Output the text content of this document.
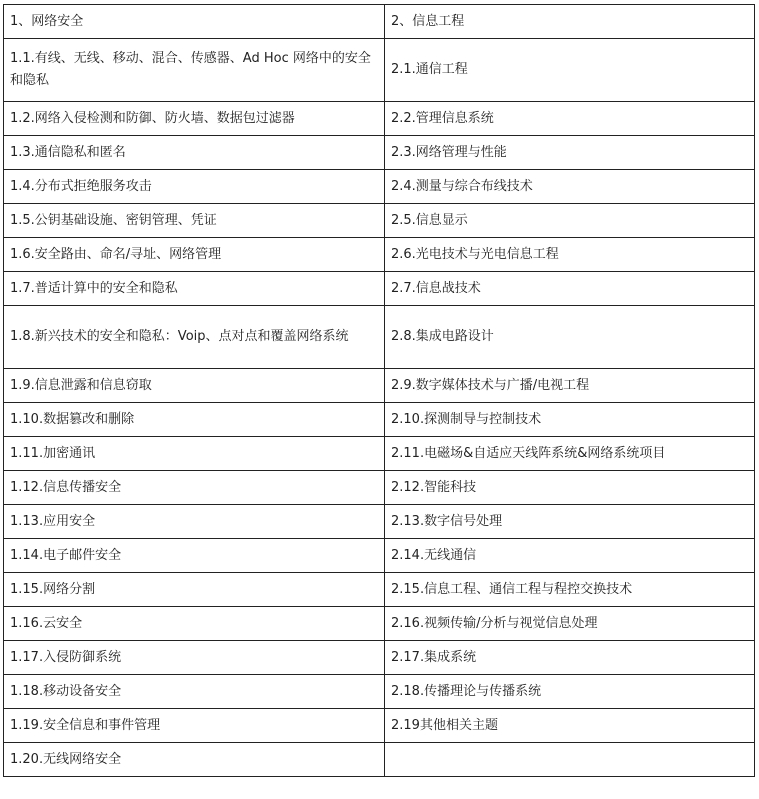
1、网络安全	2、信息工程
1.1.有线、无线、移动、混合、传感器、Ad Hoc 网络中的安全和隐私	2.1.通信工程
1.2.网络入侵检测和防御、防火墙、数据包过滤器	2.2.管理信息系统
1.3.通信隐私和匿名	2.3.网络管理与性能
1.4.分布式拒绝服务攻击	2.4.测量与综合布线技术
1.5.公钥基础设施、密钥管理、凭证	2.5.信息显示
1.6.安全路由、命名/寻址、网络管理	2.6.光电技术与光电信息工程
1.7.普适计算中的安全和隐私	2.7.信息战技术
1.8.新兴技术的安全和隐私：Voip、点对点和覆盖网络系统	2.8.集成电路设计
1.9.信息泄露和信息窃取	2.9.数字媒体技术与广播/电视工程
1.10.数据篡改和删除	2.10.探测制导与控制技术
1.11.加密通讯	2.11.电磁场&自适应天线阵系统&网络系统项目
1.12.信息传播安全	2.12.智能科技
1.13.应用安全	2.13.数字信号处理
1.14.电子邮件安全	2.14.无线通信
1.15.网络分割	2.15.信息工程、通信工程与程控交换技术
1.16.云安全	2.16.视频传输/分析与视觉信息处理
1.17.入侵防御系统	2.17.集成系统
1.18.移动设备安全	2.18.传播理论与传播系统
1.19.安全信息和事件管理	2.19其他相关主题
1.20.无线网络安全	
